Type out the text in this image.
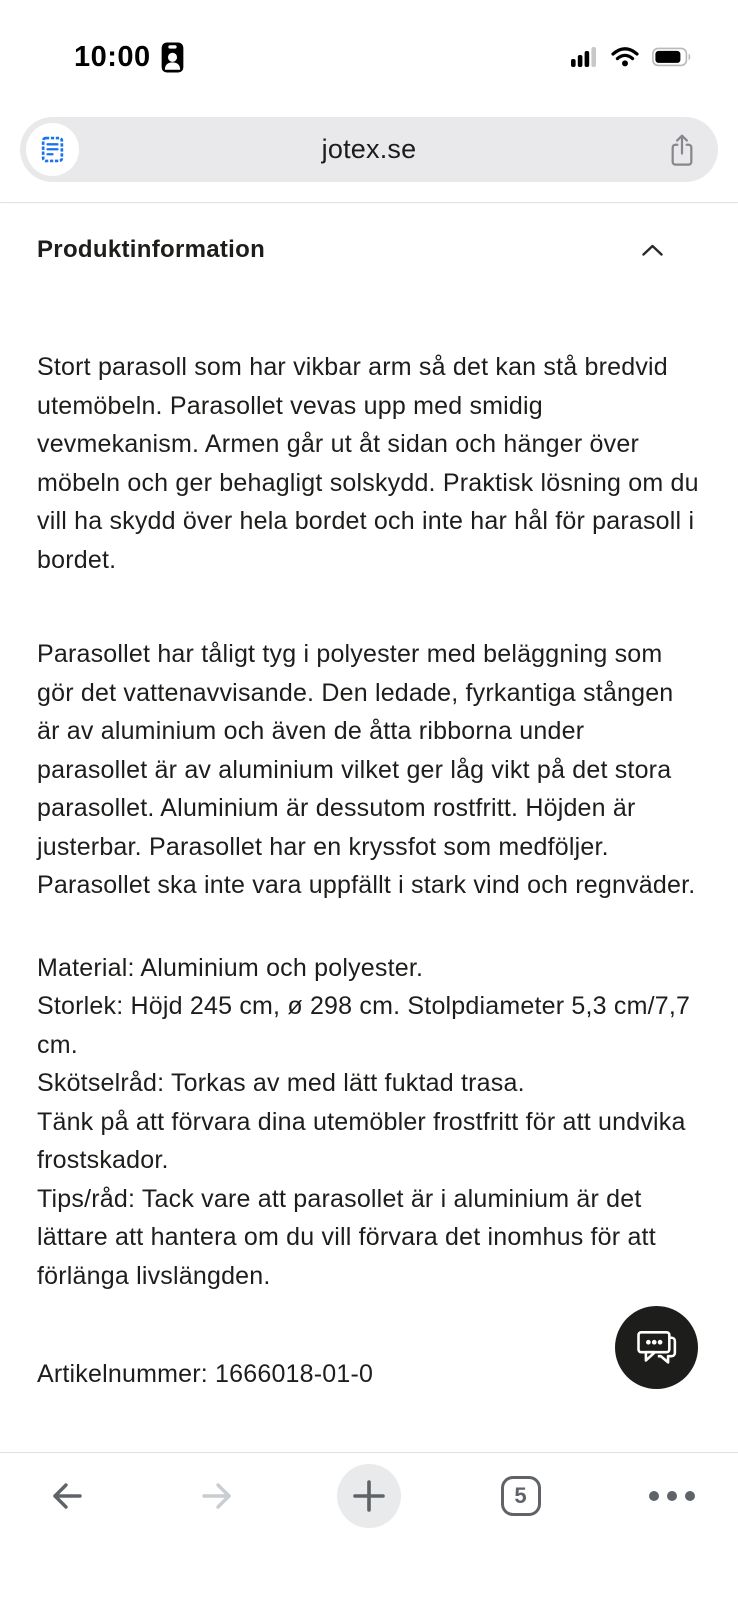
10:00
jotex.se
Produktinformation

Stort parasoll som har vikbar arm så det kan stå bredvid utemöbeln. Parasollet vevas upp med smidig vevmekanism. Armen går ut åt sidan och hänger över möbeln och ger behagligt solskydd. Praktisk lösning om du vill ha skydd över hela bordet och inte har hål för parasoll i bordet.

Parasollet har tåligt tyg i polyester med beläggning som gör det vattenavvisande. Den ledade, fyrkantiga stången är av aluminium och även de åtta ribborna under parasollet är av aluminium vilket ger låg vikt på det stora parasollet. Aluminium är dessutom rostfritt. Höjden är justerbar. Parasollet har en kryssfot som medföljer. Parasollet ska inte vara uppfällt i stark vind och regnväder.

Material: Aluminium och polyester.
Storlek: Höjd 245 cm, ø 298 cm. Stolpdiameter 5,3 cm/7,7 cm.
Skötselråd: Torkas av med lätt fuktad trasa.
Tänk på att förvara dina utemöbler frostfritt för att undvika frostskador.
Tips/råd: Tack vare att parasollet är i aluminium är det lättare att hantera om du vill förvara det inomhus för att förlänga livslängden.
Artikelnummer: 1666018-01-0
5
